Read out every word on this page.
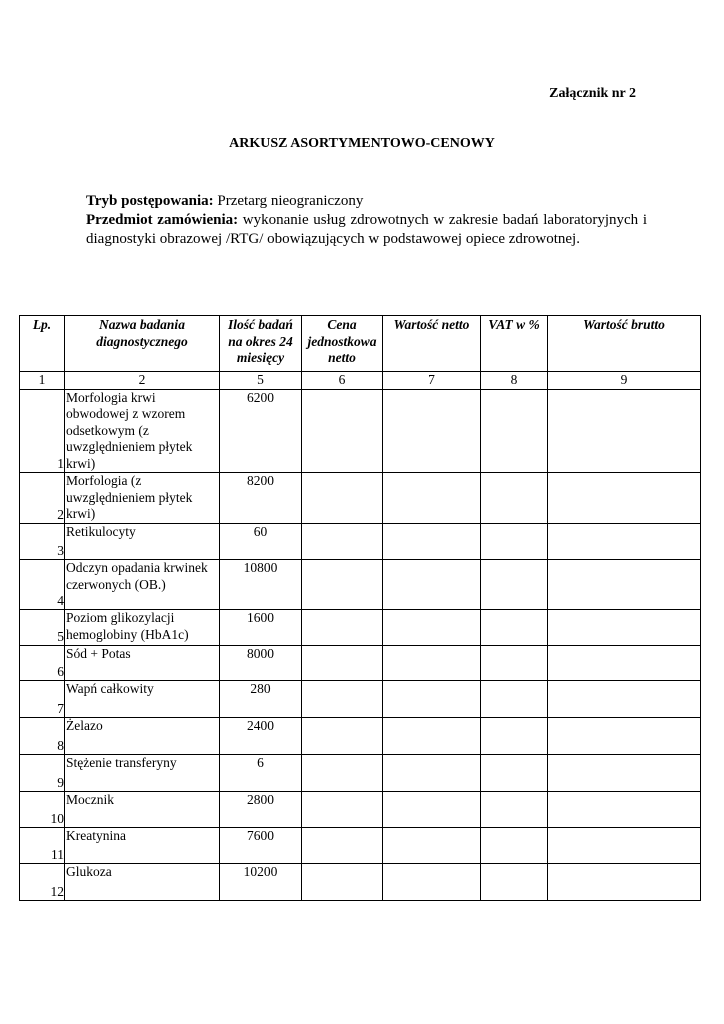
Załącznik nr 2
ARKUSZ ASORTYMENTOWO-CENOWY

Tryb postępowania: Przetarg nieograniczony

Przedmiot zamówienia: wykonanie usług zdrowotnych w zakresie badań laboratoryjnych i diagnostyki obrazowej /RTG/ obowiązujących w podstawowej opiece zdrowotnej.

Lp.	Nazwa badania diagnostycznego	Ilość badań na okres 24 miesięcy	Cena jednostkowa netto	Wartość netto	VAT w %	Wartość brutto
1	2	5	6	7	8	9
1	Morfologia krwi obwodowej z wzorem odsetkowym (z uwzględnieniem płytek krwi)	6200				
2	Morfologia (z uwzględnieniem płytek krwi)	8200				
3	Retikulocyty	60				
4	Odczyn opadania krwinek czerwonych (OB.)	10800				
5	Poziom glikozylacji hemoglobiny (HbA1c)	1600				
6	Sód + Potas	8000				
7	Wapń całkowity	280				
8	Żelazo	2400				
9	Stężenie transferyny	6				
10	Mocznik	2800				
11	Kreatynina	7600				
12	Glukoza	10200				
